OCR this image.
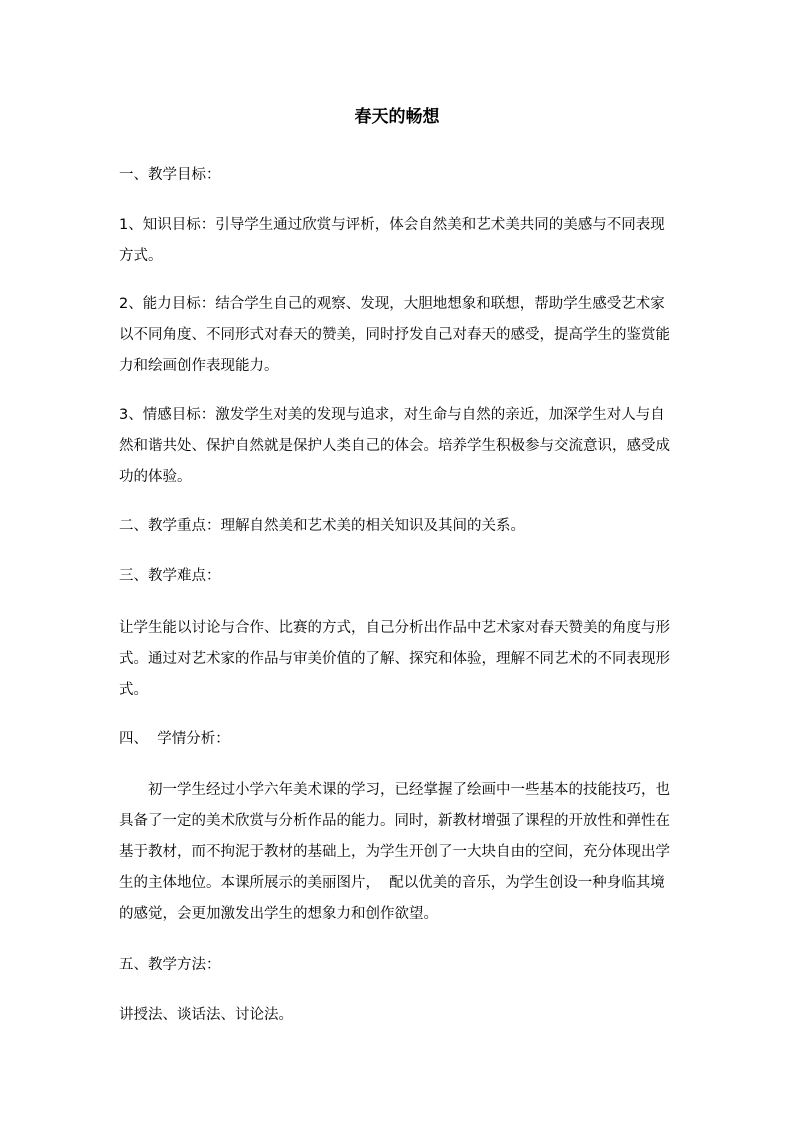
春天的畅想

一、教学目标：

1、知识目标：引导学生通过欣赏与评析，体会自然美和艺术美共同的美感与不同表现方式。

2、能力目标：结合学生自己的观察、发现，大胆地想象和联想，帮助学生感受艺术家以不同角度、不同形式对春天的赞美，同时抒发自己对春天的感受，提高学生的鉴赏能力和绘画创作表现能力。

3、情感目标：激发学生对美的发现与追求，对生命与自然的亲近，加深学生对人与自然和谐共处、保护自然就是保护人类自己的体会。培养学生积极参与交流意识，感受成功的体验。

二、教学重点：理解自然美和艺术美的相关知识及其间的关系。

三、教学难点：

让学生能以讨论与合作、比赛的方式，自己分析出作品中艺术家对春天赞美的角度与形式。通过对艺术家的作品与审美价值的了解、探究和体验，理解不同艺术的不同表现形式。

四、  学情分析：

初一学生经过小学六年美术课的学习，已经掌握了绘画中一些基本的技能技巧，也具备了一定的美术欣赏与分析作品的能力。同时，新教材增强了课程的开放性和弹性在基于教材，而不拘泥于教材的基础上，为学生开创了一大块自由的空间，充分体现出学生的主体地位。本课所展示的美丽图片，  配以优美的音乐，为学生创设一种身临其境的感觉，会更加激发出学生的想象力和创作欲望。

五、教学方法：

讲授法、谈话法、讨论法。
